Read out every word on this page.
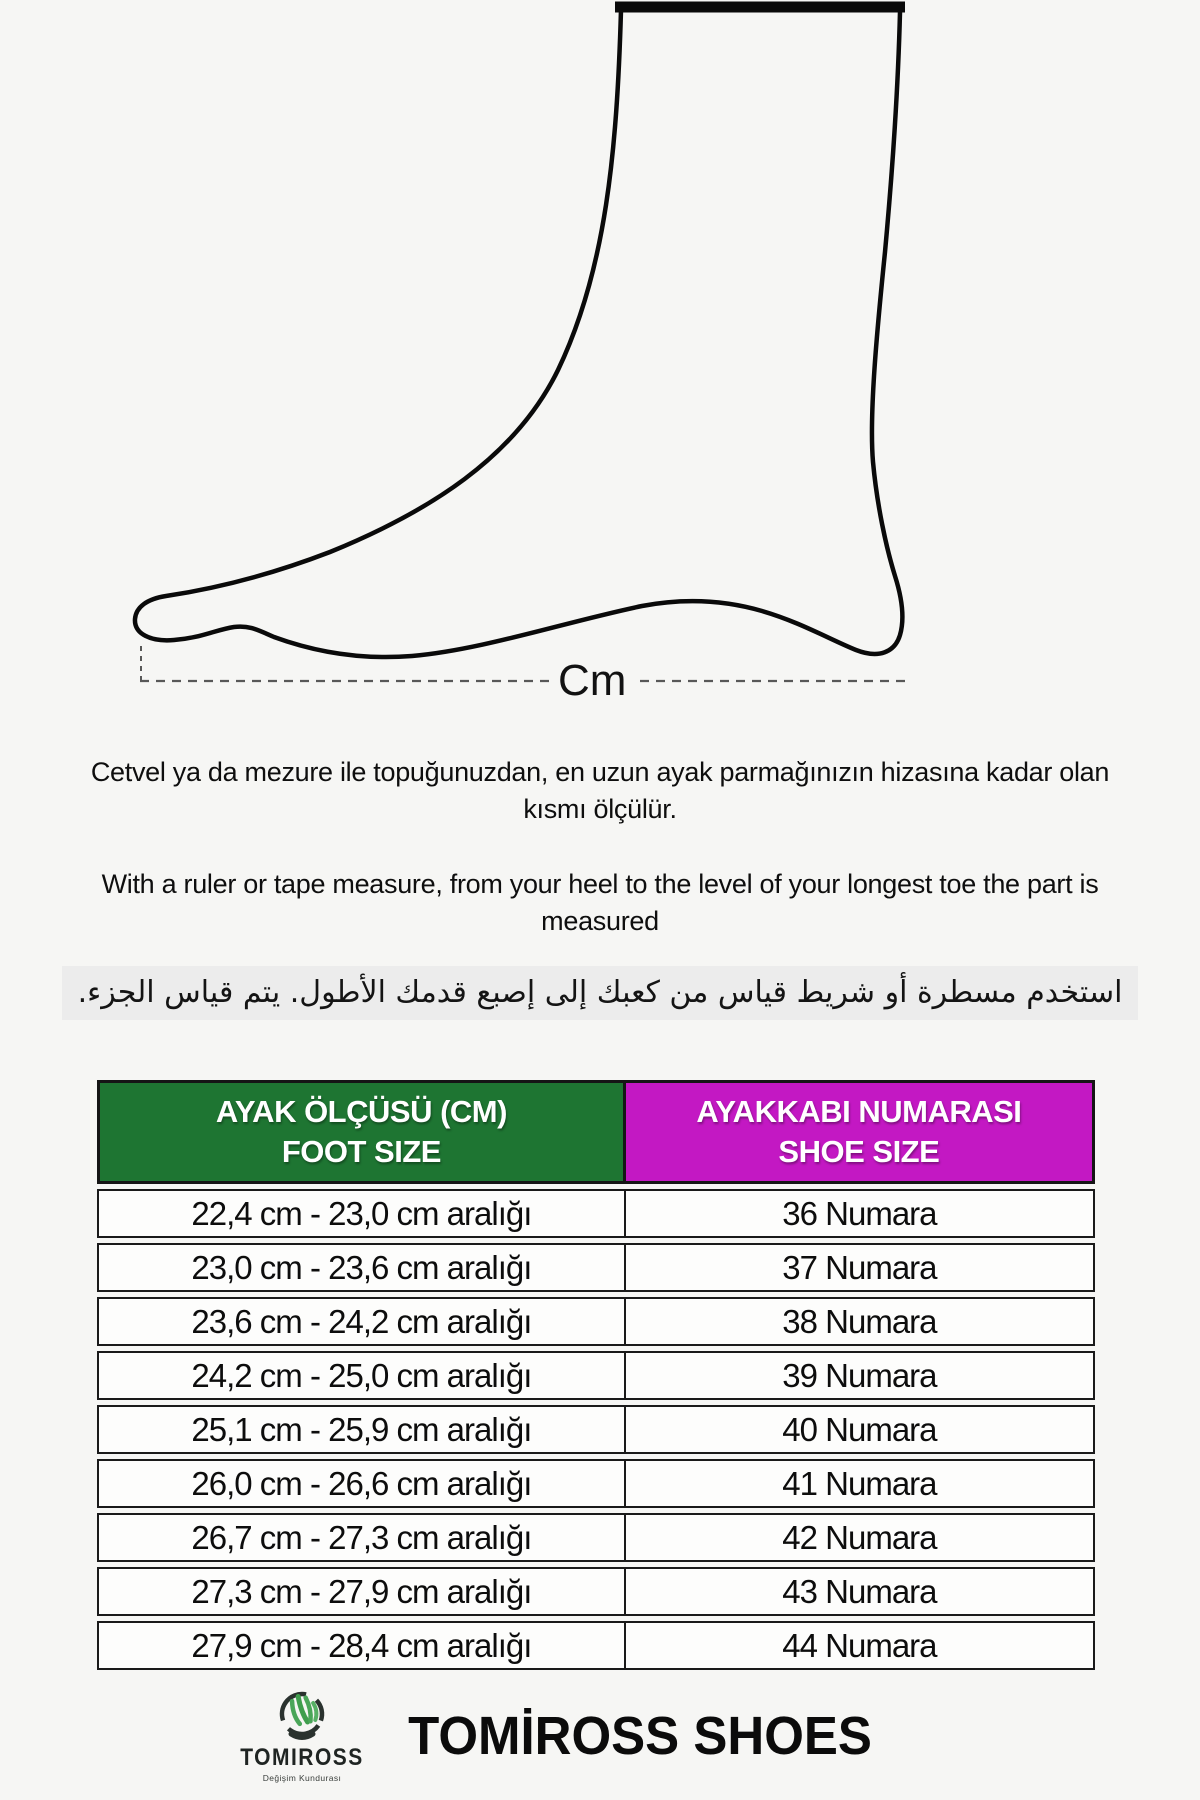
Cm
Cetvel ya da mezure ile topuğunuzdan, en uzun ayak parmağınızın hizasına kadar olan kısmı ölçülür.
With a ruler or tape measure, from your heel to the level of your longest toe the part is measured
استخدم مسطرة أو شريط قياس من كعبك إلى إصبع قدمك الأطول. يتم قياس الجزء.
AYAK ÖLÇÜSÜ (CM)
FOOT SIZE
AYAKKABI NUMARASI
SHOE SIZE
22,4 cm - 23,0 cm aralığı	36 Numara
23,0 cm - 23,6 cm aralığı	37 Numara
23,6 cm - 24,2 cm aralığı	38 Numara
24,2 cm - 25,0 cm aralığı	39 Numara
25,1 cm - 25,9 cm aralığı	40 Numara
26,0 cm - 26,6 cm aralığı	41 Numara
26,7 cm - 27,3 cm aralığı	42 Numara
27,3 cm - 27,9 cm aralığı	43 Numara
27,9 cm - 28,4 cm aralığı	44 Numara
TOMIROSS
Değişim Kundurası
TOMİROSS SHOES
